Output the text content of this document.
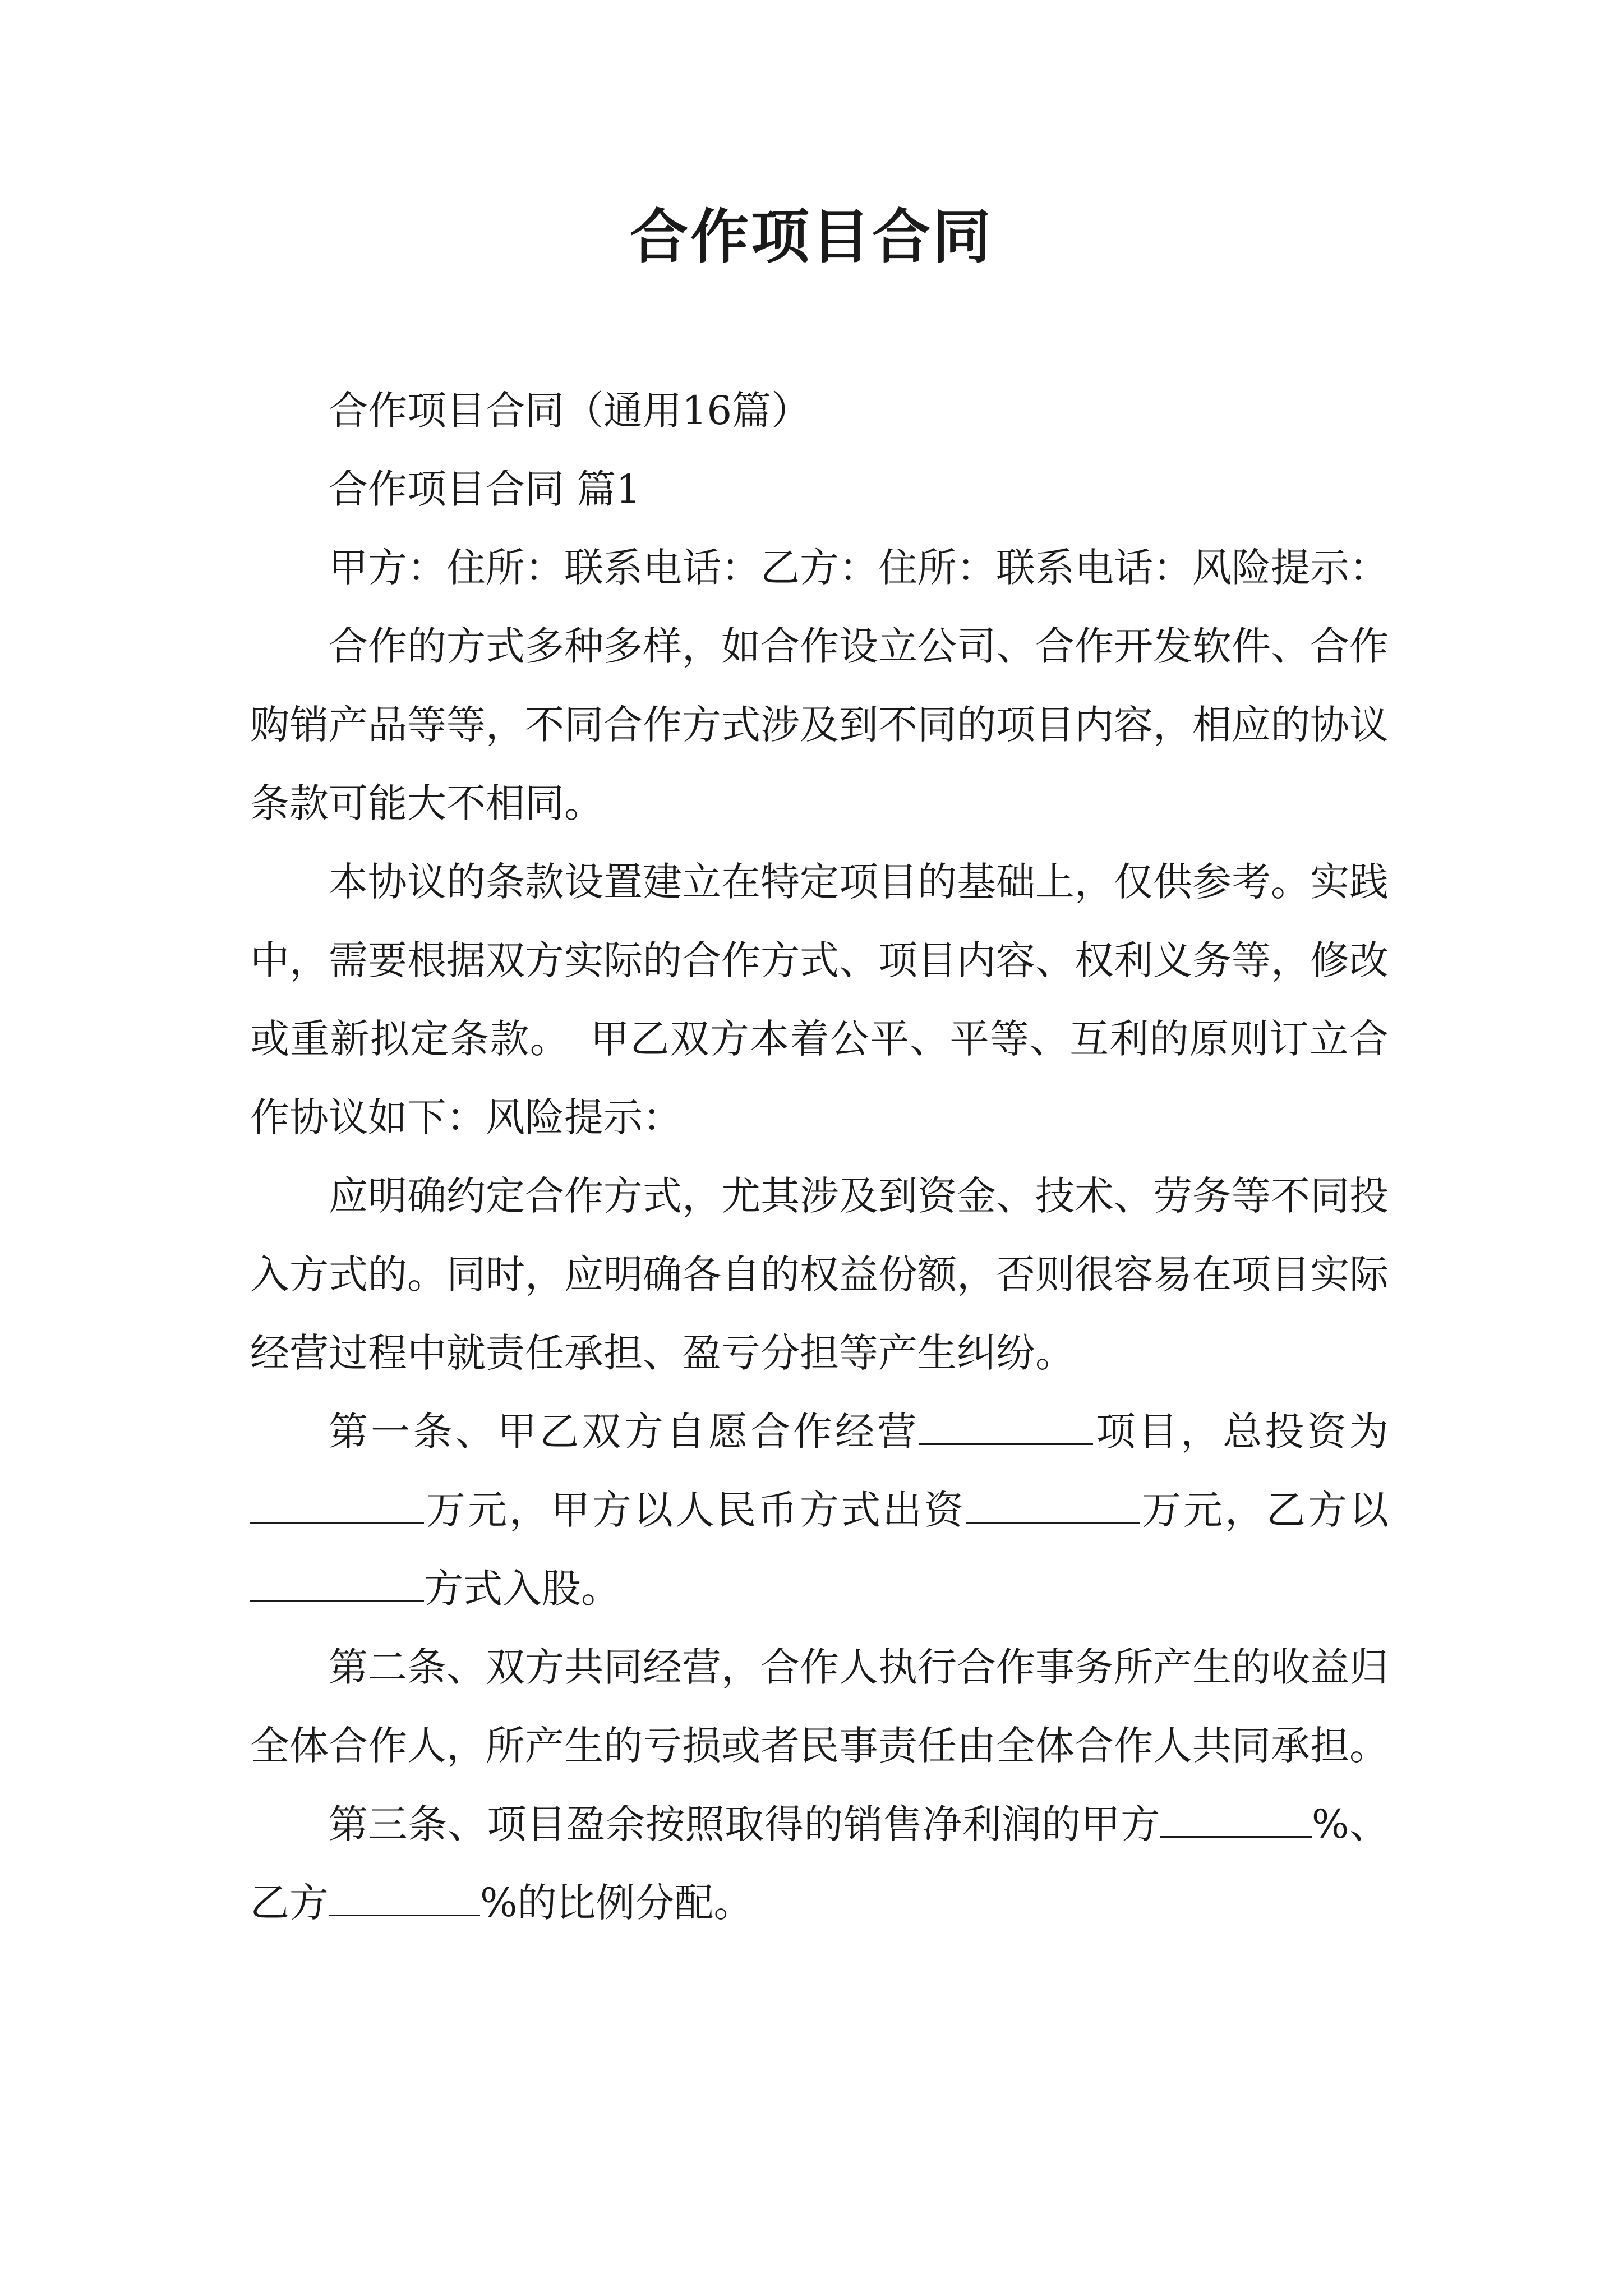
合作项目合同

合作项目合同（通用16篇）

合作项目合同 篇1

甲方：住所：联系电话：乙方：住所：联系电话：风险提示：

合作的方式多种多样，如合作设立公司、合作开发软件、合作购销产品等等，不同合作方式涉及到不同的项目内容，相应的协议条款可能大不相同。

本协议的条款设置建立在特定项目的基础上，仅供参考。实践中，需要根据双方实际的合作方式、项目内容、权利义务等，修改或重新拟定条款。　甲乙双方本着公平、平等、互利的原则订立合作协议如下：风险提示：

应明确约定合作方式，尤其涉及到资金、技术、劳务等不同投入方式的。同时，应明确各自的权益份额，否则很容易在项目实际经营过程中就责任承担、盈亏分担等产生纠纷。

第一条、甲乙双方自愿合作经营	项目，总投资为万元，甲方以人民币方式出资	万元，乙方以方式入股。

第二条、双方共同经营，合作人执行合作事务所产生的收益归全体合作人，所产生的亏损或者民事责任由全体合作人共同承担。

第三条、项目盈余按照取得的销售净利润的甲方	%、乙方	%的比例分配。
